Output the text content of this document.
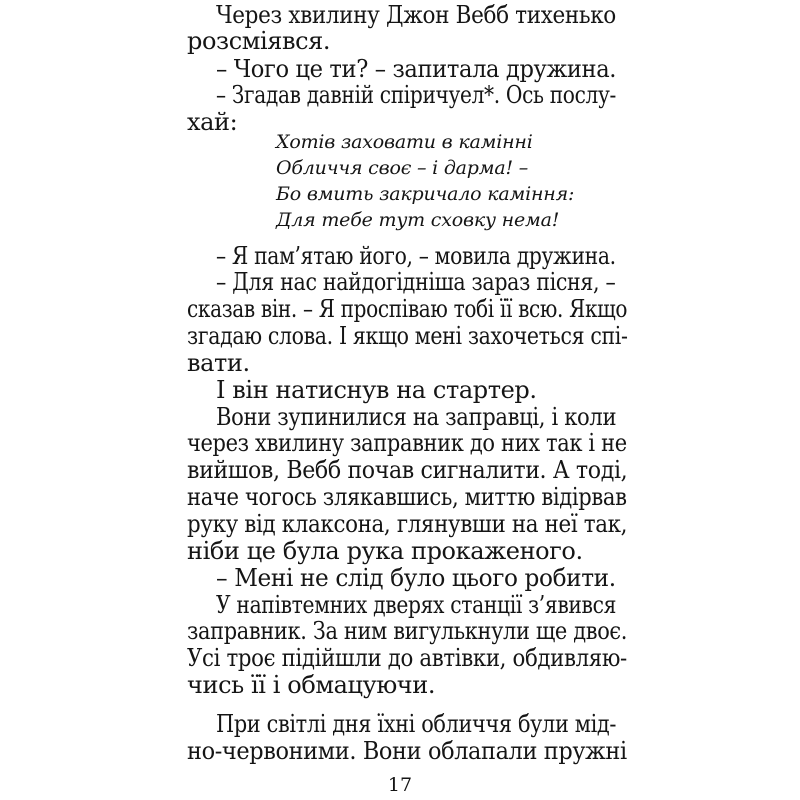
Через хвилину Джон Вебб тихенько
розсміявся.
– Чого це ти? – запитала дружина.
– Згадав давній спіричуел*. Ось послу-
хай:
Хотів заховати в камінні
Обличчя своє – і дарма! –
Бо вмить закричало каміння:
Для тебе тут сховку нема!
– Я пам’ятаю його, – мовила дружина.
– Для нас найдогідніша зараз пісня, –
сказав він. – Я проспіваю тобі її всю. Якщо
згадаю слова. І якщо мені захочеться спі-
вати.
І він натиснув на стартер.
Вони зупинилися на заправці, і коли
через хвилину заправник до них так і не
вийшов, Вебб почав сигналити. А тоді,
наче чогось злякавшись, миттю відірвав
руку від клаксона, глянувши на неї так,
ніби це була рука прокаженого.
– Мені не слід було цього робити.
У напівтемних дверях станції з’явився
заправник. За ним вигулькнули ще двоє.
Усі троє підійшли до автівки, обдивляю-
чись її і обмацуючи.
При світлі дня їхні обличчя були мід-
но-червоними. Вони облапали пружні
17
